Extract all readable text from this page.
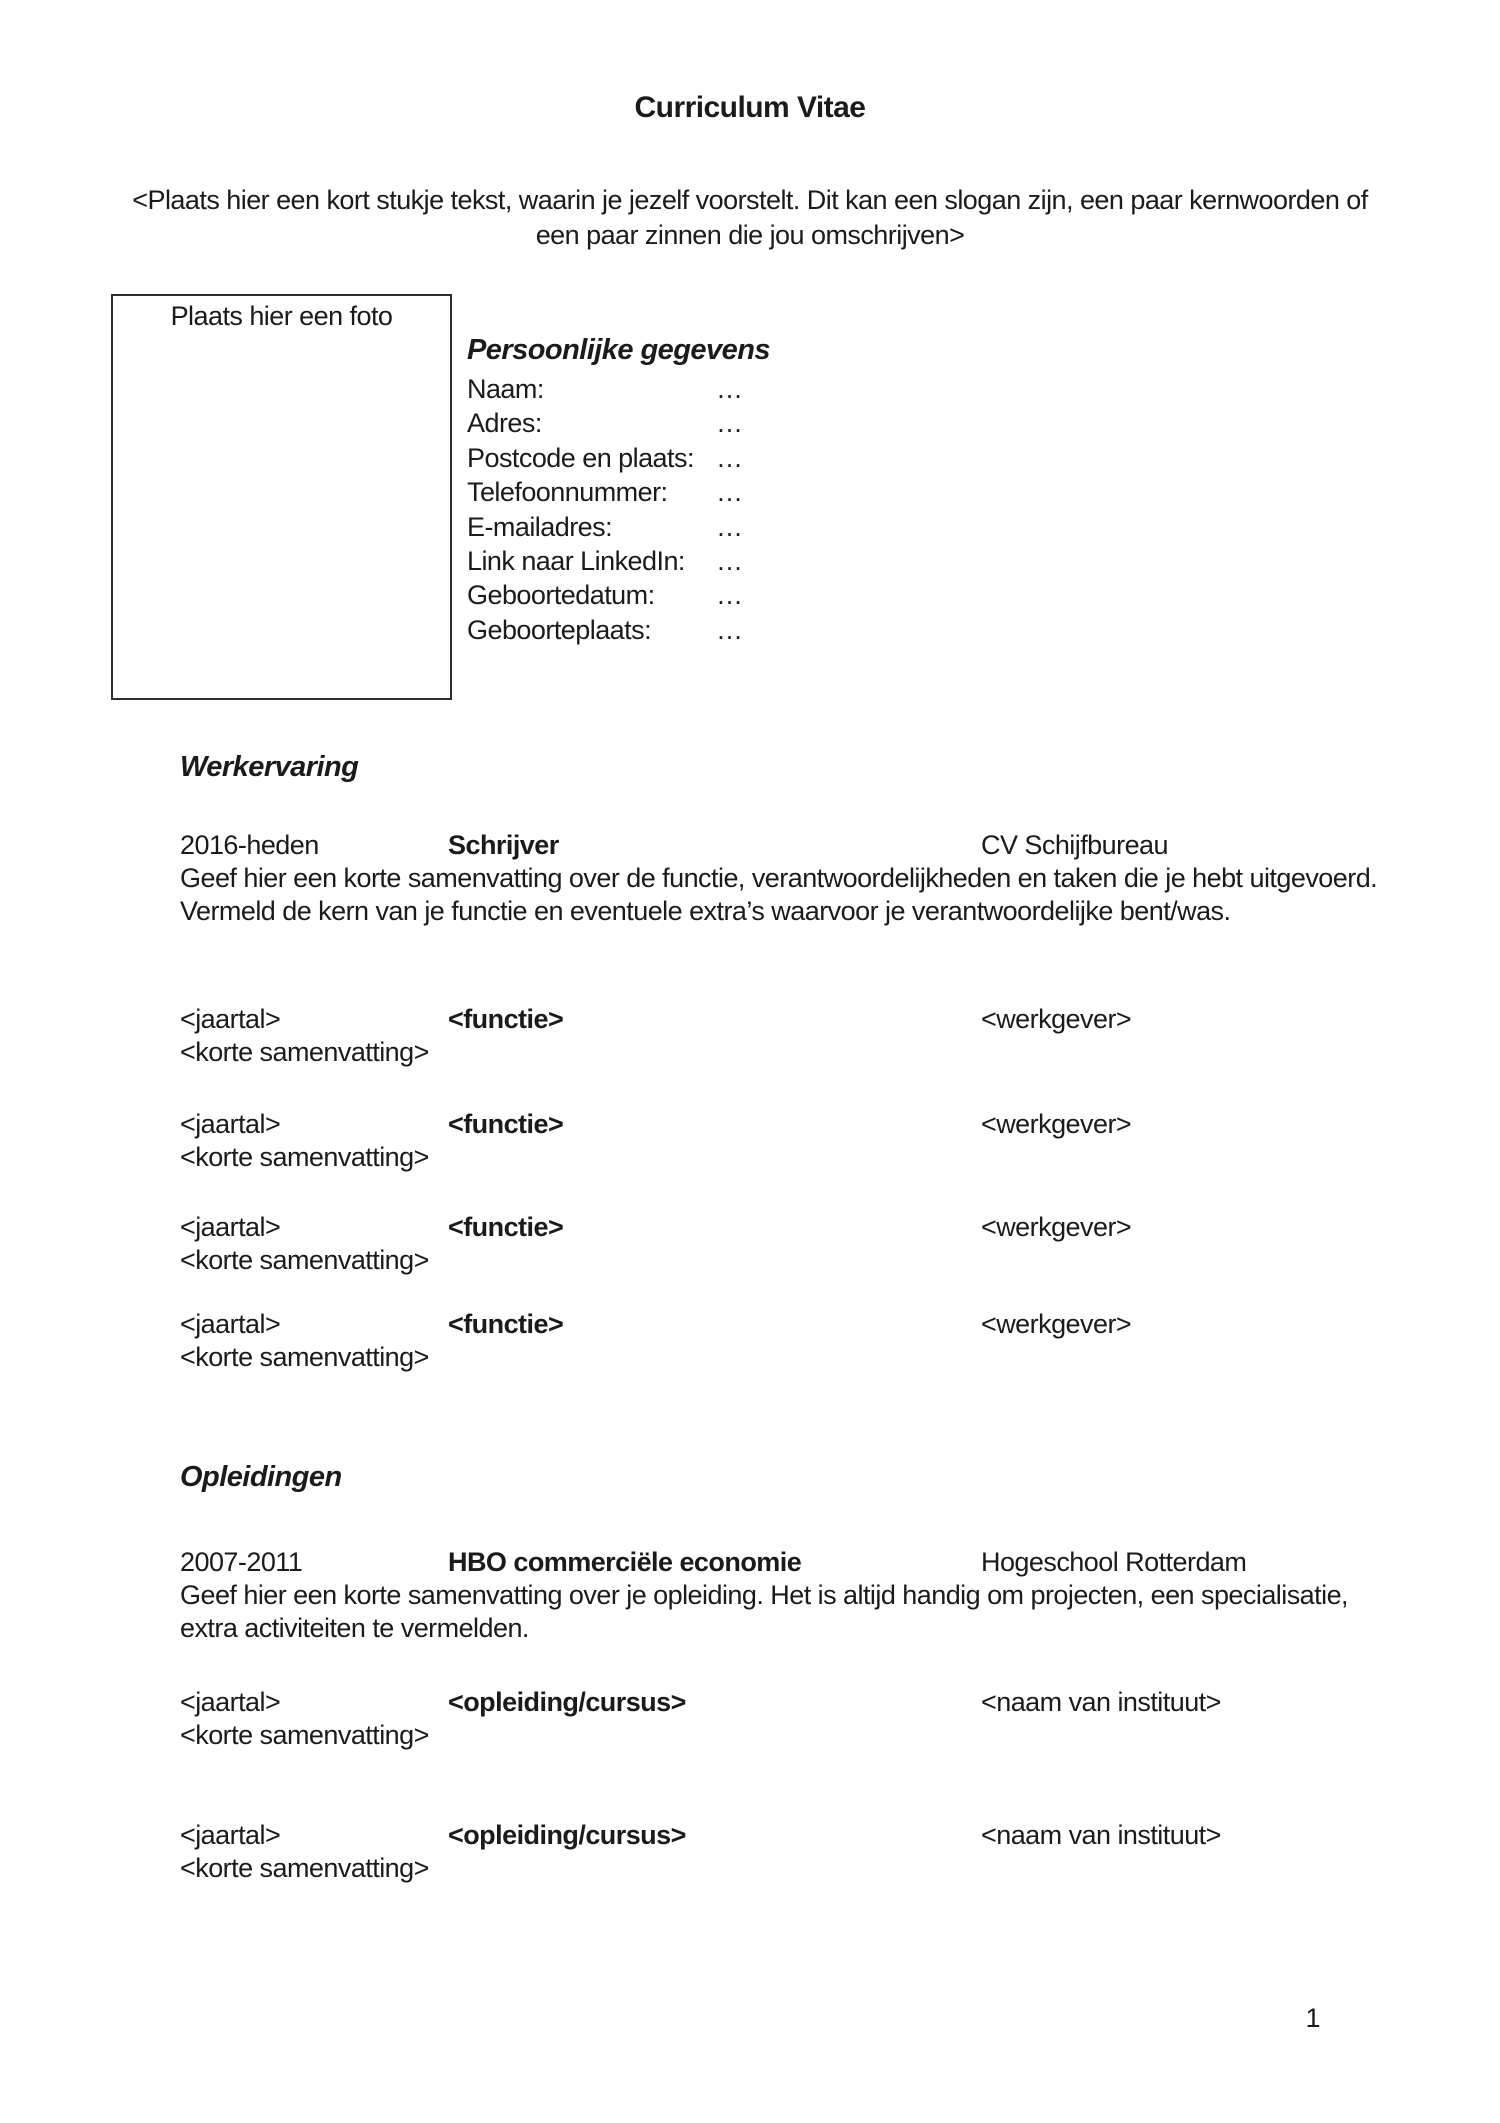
Curriculum Vitae
<Plaats hier een kort stukje tekst, waarin je jezelf voorstelt. Dit kan een slogan zijn, een paar kernwoorden of een paar zinnen die jou omschrijven>
Plaats hier een foto
Persoonlijke gegevens
Naam:	…
Adres:	…
Postcode en plaats: …
Telefoonnummer:	…
E-mailadres:	…
Link naar LinkedIn:	…
Geboortedatum:	…
Geboorteplaats:	…
Werkervaring
2016-heden	Schrijver	CV Schijfbureau

Geef hier een korte samenvatting over de functie, verantwoordelijkheden en taken die je hebt uitgevoerd. Vermeld de kern van je functie en eventuele extra’s waarvoor je verantwoordelijke bent/was.

<jaartal>	<functie>	<werkgever>
<korte samenvatting>
<jaartal>	<functie>	<werkgever>
<korte samenvatting>
<jaartal>	<functie>	<werkgever>
<korte samenvatting>
<jaartal>	<functie>	<werkgever>
<korte samenvatting>
Opleidingen
2007-2011	HBO commerciële economie	Hogeschool Rotterdam

Geef hier een korte samenvatting over je opleiding. Het is altijd handig om projecten, een specialisatie, extra activiteiten te vermelden.

<jaartal>	<opleiding/cursus>	<naam van instituut>
<korte samenvatting>
<jaartal>	<opleiding/cursus>	<naam van instituut>
<korte samenvatting>
1
